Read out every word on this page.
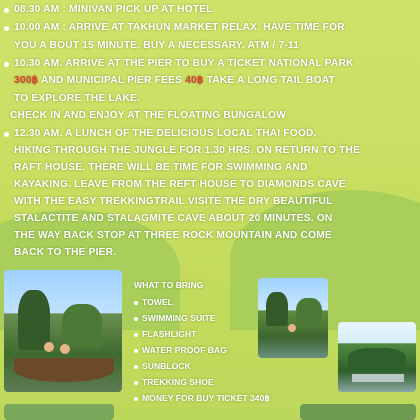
08.30 AM : MINIVAN PICK UP AT HOTEL
10.00 AM : ARRIVE AT TAKHUN MARKET RELAX. HAVE TIME FOR
YOU A BOUT 15 MINUTE. BUY A NECESSARY. ATM / 7-11
10.30 AM. ARRIVE AT THE PIER TO BUY A TICKET NATIONAL PARK
300฿ AND MUNICIPAL PIER FEES 40฿ TAKE A LONG TAIL BOAT
TO EXPLORE THE LAKE.
CHECK IN AND ENJOY AT THE FLOATING BUNGALOW
12.30 AM. A LUNCH OF THE DELICIOUS LOCAL THAI FOOD.
HIKING THROUGH THE JUNGLE FOR 1.30 HRS. ON RETURN TO THE
RAFT HOUSE. THERE WILL BE TIME FOR SWIMMING AND
KAYAKING. LEAVE FROM THE REFT HOUSE TO DIAMONDS CAVE
WITH THE EASY TREKKINGTRAIL VISITE THE DRY BEAUTIFUL
STALACTITE AND STALAGMITE CAVE ABOUT 20 MINUTES. ON
THE WAY BACK STOP AT THREE ROCK MOUNTAIN AND COME
BACK TO THE PIER.
WHAT TO BRING
TOWEL
SWIMMING SUITE
FLASHLIGHT
WATER PROOF BAG
SUNBLOCK
TREKKING SHOE
MONEY FOR BUY TICKET 340฿
